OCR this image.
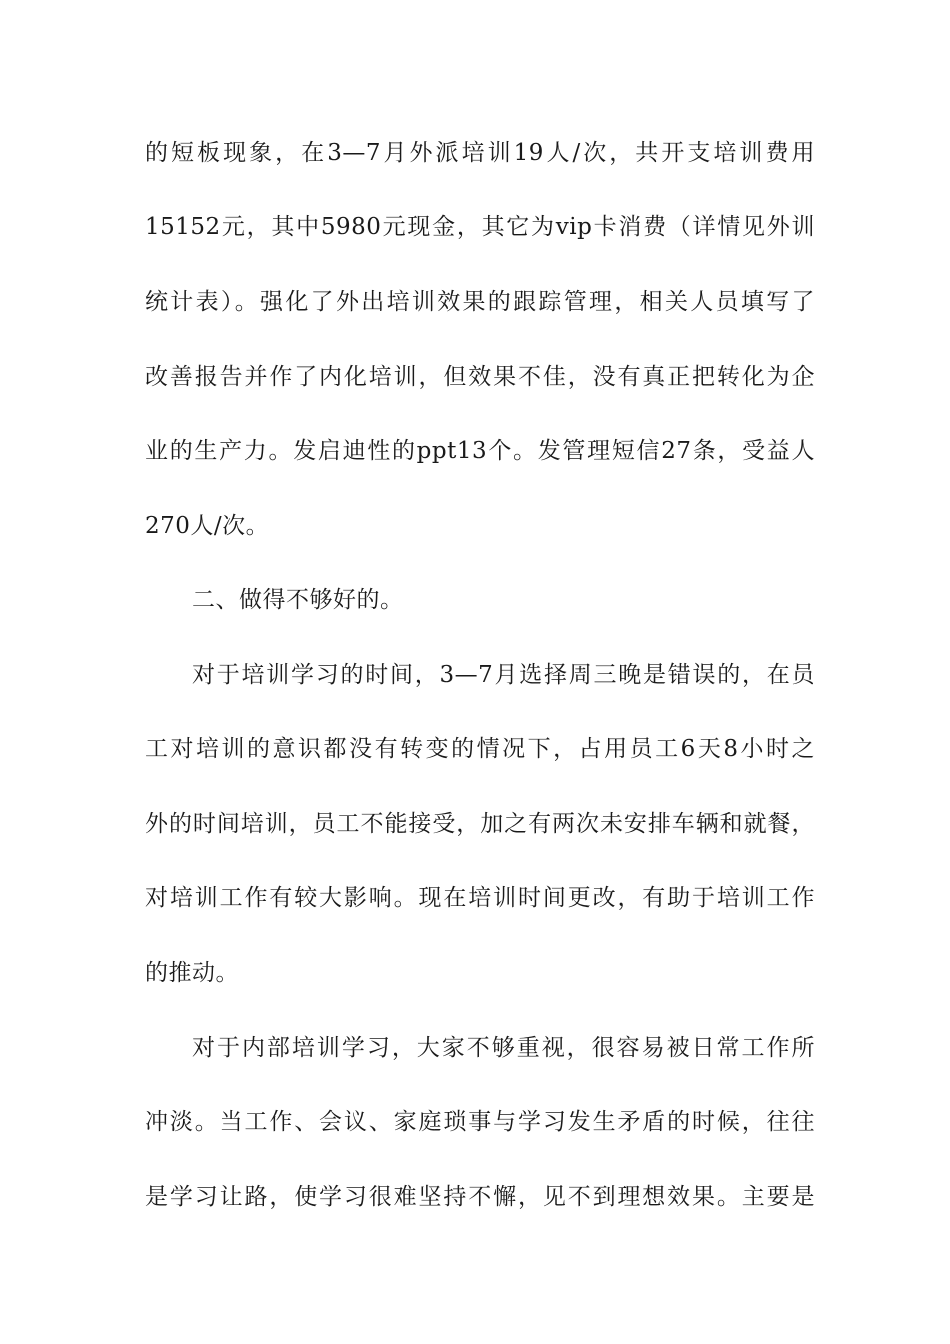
的短板现象，在3—7月外派培训19人/次，共开支培训费用
15152元，其中5980元现金，其它为vip卡消费（详情见外训
统计表）。强化了外出培训效果的跟踪管理，相关人员填写了
改善报告并作了内化培训，但效果不佳，没有真正把转化为企
业的生产力。发启迪性的ppt13个。发管理短信27条，受益人
270人/次。
二、做得不够好的。
对于培训学习的时间，3—7月选择周三晚是错误的，在员
工对培训的意识都没有转变的情况下，占用员工6天8小时之
外的时间培训，员工不能接受，加之有两次未安排车辆和就餐，
对培训工作有较大影响。现在培训时间更改，有助于培训工作
的推动。
对于内部培训学习，大家不够重视，很容易被日常工作所
冲淡。当工作、会议、家庭琐事与学习发生矛盾的时候，往往
是学习让路，使学习很难坚持不懈，见不到理想效果。主要是
